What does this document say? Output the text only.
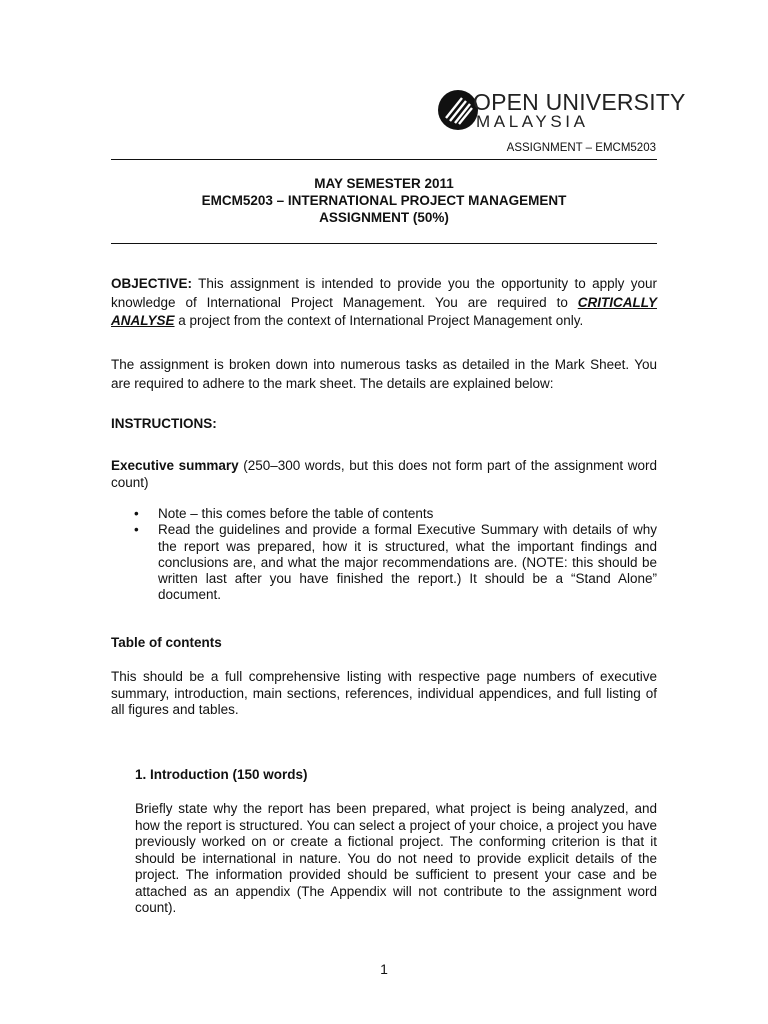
OPEN UNIVERSITY
MALAYSIA
ASSIGNMENT – EMCM5203
MAY SEMESTER 2011
EMCM5203 – INTERNATIONAL PROJECT MANAGEMENT
ASSIGNMENT (50%)
OBJECTIVE: This assignment is intended to provide you the opportunity to apply your knowledge of International Project Management. You are required to CRITICALLY ANALYSE a project from the context of International Project Management only.
The assignment is broken down into numerous tasks as detailed in the Mark Sheet. You are required to adhere to the mark sheet. The details are explained below:
INSTRUCTIONS:
Executive summary (250–300 words, but this does not form part of the assignment word count)
• Note – this comes before the table of contents
• Read the guidelines and provide a formal Executive Summary with details of why the report was prepared, how it is structured, what the important findings and conclusions are, and what the major recommendations are. (NOTE: this should be written last after you have finished the report.) It should be a “Stand Alone” document.
Table of contents
This should be a full comprehensive listing with respective page numbers of executive summary, introduction, main sections, references, individual appendices, and full listing of all figures and tables.
1. Introduction (150 words)
Briefly state why the report has been prepared, what project is being analyzed, and how the report is structured. You can select a project of your choice, a project you have previously worked on or create a fictional project. The conforming criterion is that it should be international in nature. You do not need to provide explicit details of the project. The information provided should be sufficient to present your case and be attached as an appendix (The Appendix will not contribute to the assignment word count).
1
